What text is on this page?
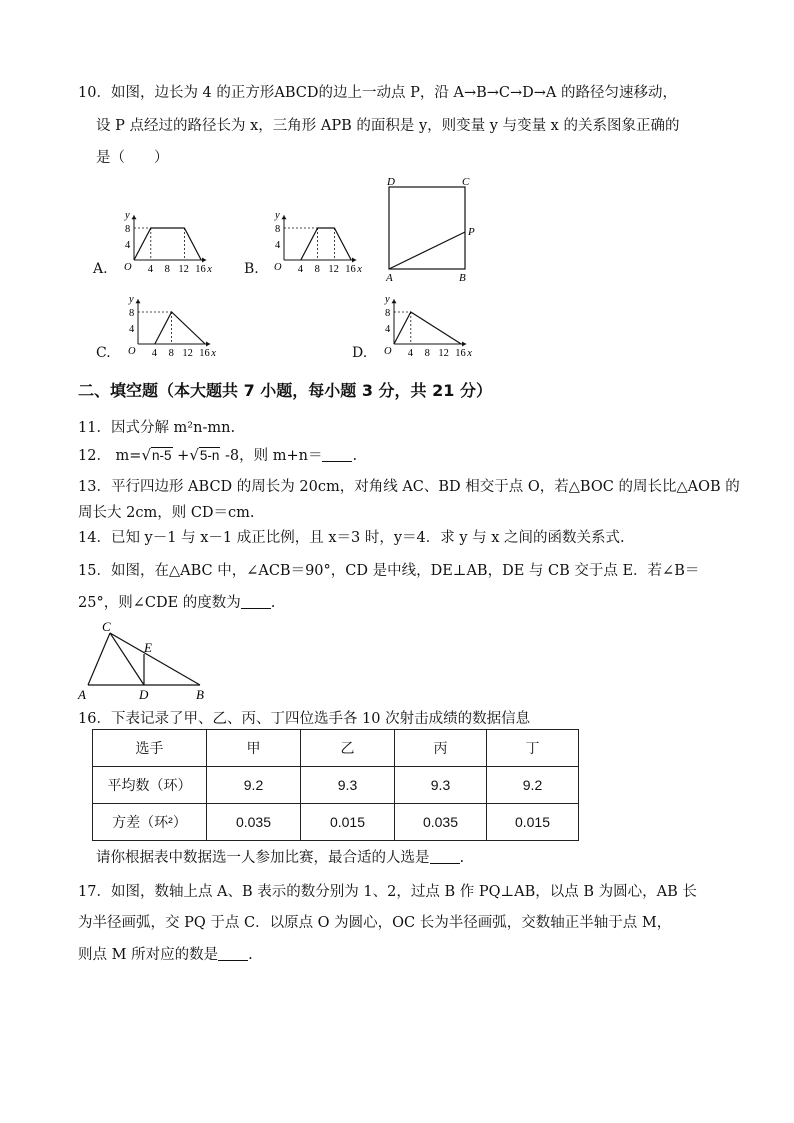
10．如图，边长为 4 的正方形ABCD的边上一动点 P，沿 A→B→C→D→A 的路径匀速移动，
设 P 点经过的路径长为 x，三角形 APB 的面积是 y，则变量 y 与变量 x 的关系图象正确的
是（　　）
A.	B.
C.	D.
y
O
8
4
4 8 12 16 x
y
O
8
4
4 8 12 16 x
y
O
8
4
4 8 12 16 x
y
O
8
4
4 8 12 16 x
D	C
A	B
P
二、填空题（本大题共 7 小题，每小题 3 分，共 21 分）
11．因式分解 m²n-mn.
12． m=√n-5 +√5-n -8，则 m+n＝ .
13．平行四边形 ABCD 的周长为 20cm，对角线 AC、BD 相交于点 O，若△BOC 的周长比△AOB 的
周长大 2cm，则 CD＝cm.
14．已知 y－1 与 x－1 成正比例，且 x＝3 时，y＝4．求 y 与 x 之间的函数关系式.
15．如图，在△ABC 中，∠ACB＝90°，CD 是中线，DE⊥AB，DE 与 CB 交于点 E．若∠B＝
25°，则∠CDE 的度数为 .
C
E
A	D	B
16．下表记录了甲、乙、丙、丁四位选手各 10 次射击成绩的数据信息
选手	甲	乙	丙	丁
平均数（环）	9.2	9.3	9.3	9.2
方差（环²）	0.035	0.015	0.035	0.015
请你根据表中数据选一人参加比赛，最合适的人选是 .
17．如图，数轴上点 A、B 表示的数分别为 1、2，过点 B 作 PQ⊥AB，以点 B 为圆心，AB 长
为半径画弧，交 PQ 于点 C．以原点 O 为圆心，OC 长为半径画弧，交数轴正半轴于点 M，
则点 M 所对应的数是 .
